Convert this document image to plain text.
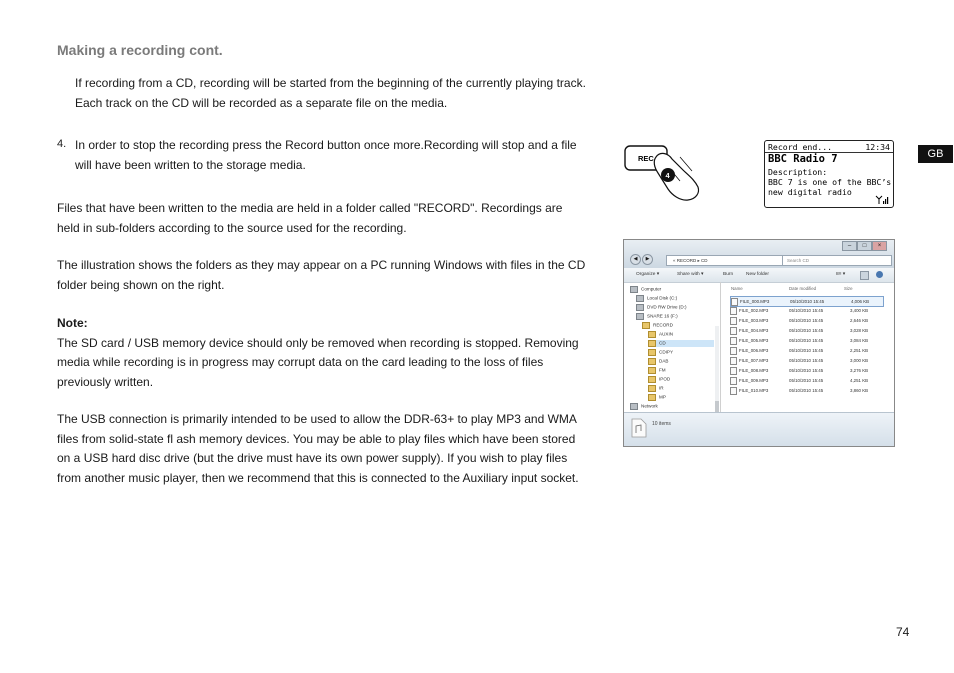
Making a recording cont.
If recording from a CD, recording will be started from the beginning of the currently playing track.
Each track on the CD will be recorded as a separate file on the media.
4. In order to stop the recording press the Record button once more.Recording will stop and a file
will have been written to the storage media.
Files that have been written to the media are held in a folder called "RECORD". Recordings are
held in sub-folders according to the source used for the recording.
The illustration shows the folders as they may appear on a PC running Windows with files in the CD
folder being shown on the right.
Note:
The SD card / USB memory device should only be removed when recording is stopped. Removing
media while recording is in progress may corrupt data on the card leading to the loss of files
previously written.
The USB connection is primarily intended to be used to allow the DDR-63+ to play MP3 and WMA
files from solid-state fl ash memory devices. You may be able to play files which have been stored
on a USB hard disc drive (but the drive must have its own power supply). If you wish to play files
from another music player, then we recommend that this is connected to the Auxiliary input socket.
REC
4
Record end...	12:34
BBC Radio 7
Description:
BBC 7 is one of the BBC’s
new digital radio
GB
–	□	×
◀	▶	« RECORD ▸ CD	Search CD
Organize ▾	Share with ▾	Burn	New folder	8≡ ▾
Computer
Local Disk (C:)
DVD RW Drive (D:)
SNARE 16 (F:)
RECORD
AUXIN
CD
CDIPY
DAB
FM
IPOD
IR
MP
Network
Name	Date modified	Size
FILE_000.MP3	05/10/2010 15:45	4,006 KB
FILE_002.MP3	05/10/2010 15:45	3,400 KB
FILE_003.MP3	05/10/2010 15:45	2,646 KB
FILE_004.MP3	05/10/2010 15:45	3,028 KB
FILE_005.MP3	05/10/2010 15:45	3,084 KB
FILE_006.MP3	05/10/2010 15:45	2,251 KB
FILE_007.MP3	05/10/2010 15:45	3,000 KB
FILE_008.MP3	05/10/2010 15:45	3,276 KB
FILE_009.MP3	05/10/2010 15:45	4,251 KB
FILE_010.MP3	05/10/2010 15:45	3,860 KB
10 items
74
